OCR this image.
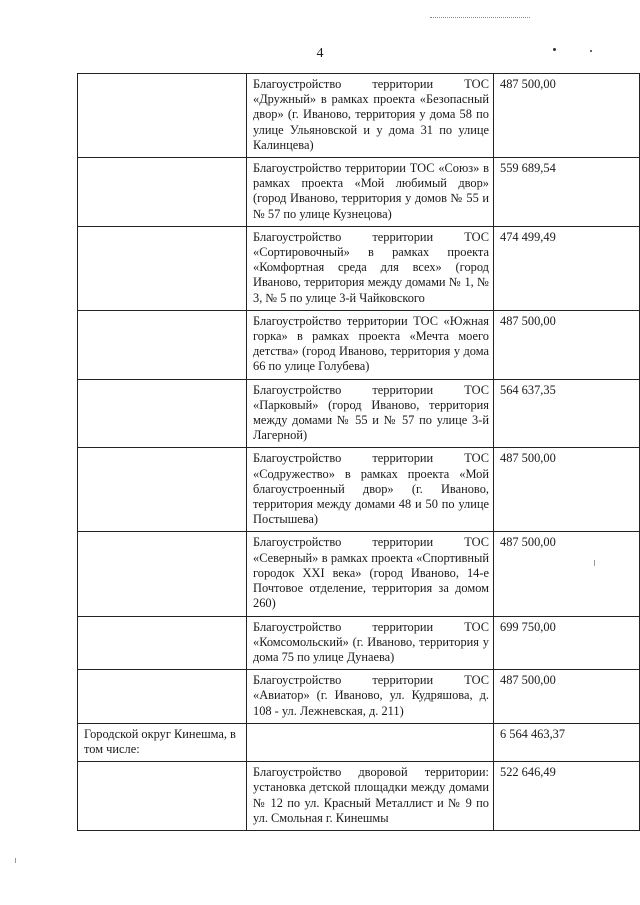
4
	Благоустройство территории ТОС «Дружный» в рамках проекта «Безопасный двор» (г. Иваново, территория у дома 58 по улице Ульяновской и у дома 31 по улице Калинцева)	487 500,00
	Благоустройство территории ТОС «Союз» в рамках проекта «Мой любимый двор» (город Иваново, территория у домов № 55 и № 57 по улице Кузнецова)	559 689,54
	Благоустройство территории ТОС «Сортировочный» в рамках проекта «Комфортная среда для всех» (город Иваново, территория между домами № 1, № 3, № 5 по улице 3-й Чайковского	474 499,49
	Благоустройство территории ТОС «Южная горка» в рамках проекта «Мечта моего детства» (город Иваново, территория у дома 66 по улице Голубева)	487 500,00
	Благоустройство территории ТОС «Парковый» (город Иваново, территория между домами № 55 и № 57 по улице 3-й Лагерной)	564 637,35
	Благоустройство территории ТОС «Содружество» в рамках проекта «Мой благоустроенный двор» (г. Иваново, территория между домами 48 и 50 по улице Постышева)	487 500,00
	Благоустройство территории ТОС «Северный» в рамках проекта «Спортивный городок XXI века» (город Иваново, 14-е Почтовое отделение, территория за домом 260)	487 500,00
	Благоустройство территории ТОС «Комсомольский» (г. Иваново, территория у дома 75 по улице Дунаева)	699 750,00
	Благоустройство территории ТОС «Авиатор» (г. Иваново, ул. Кудряшова, д. 108 - ул. Лежневская, д. 211)	487 500,00
Городской округ Кинешма, в том числе:		6 564 463,37
	Благоустройство дворовой территории: установка детской площадки между домами № 12 по ул. Красный Металлист и № 9 по ул. Смольная г. Кинешмы	522 646,49
